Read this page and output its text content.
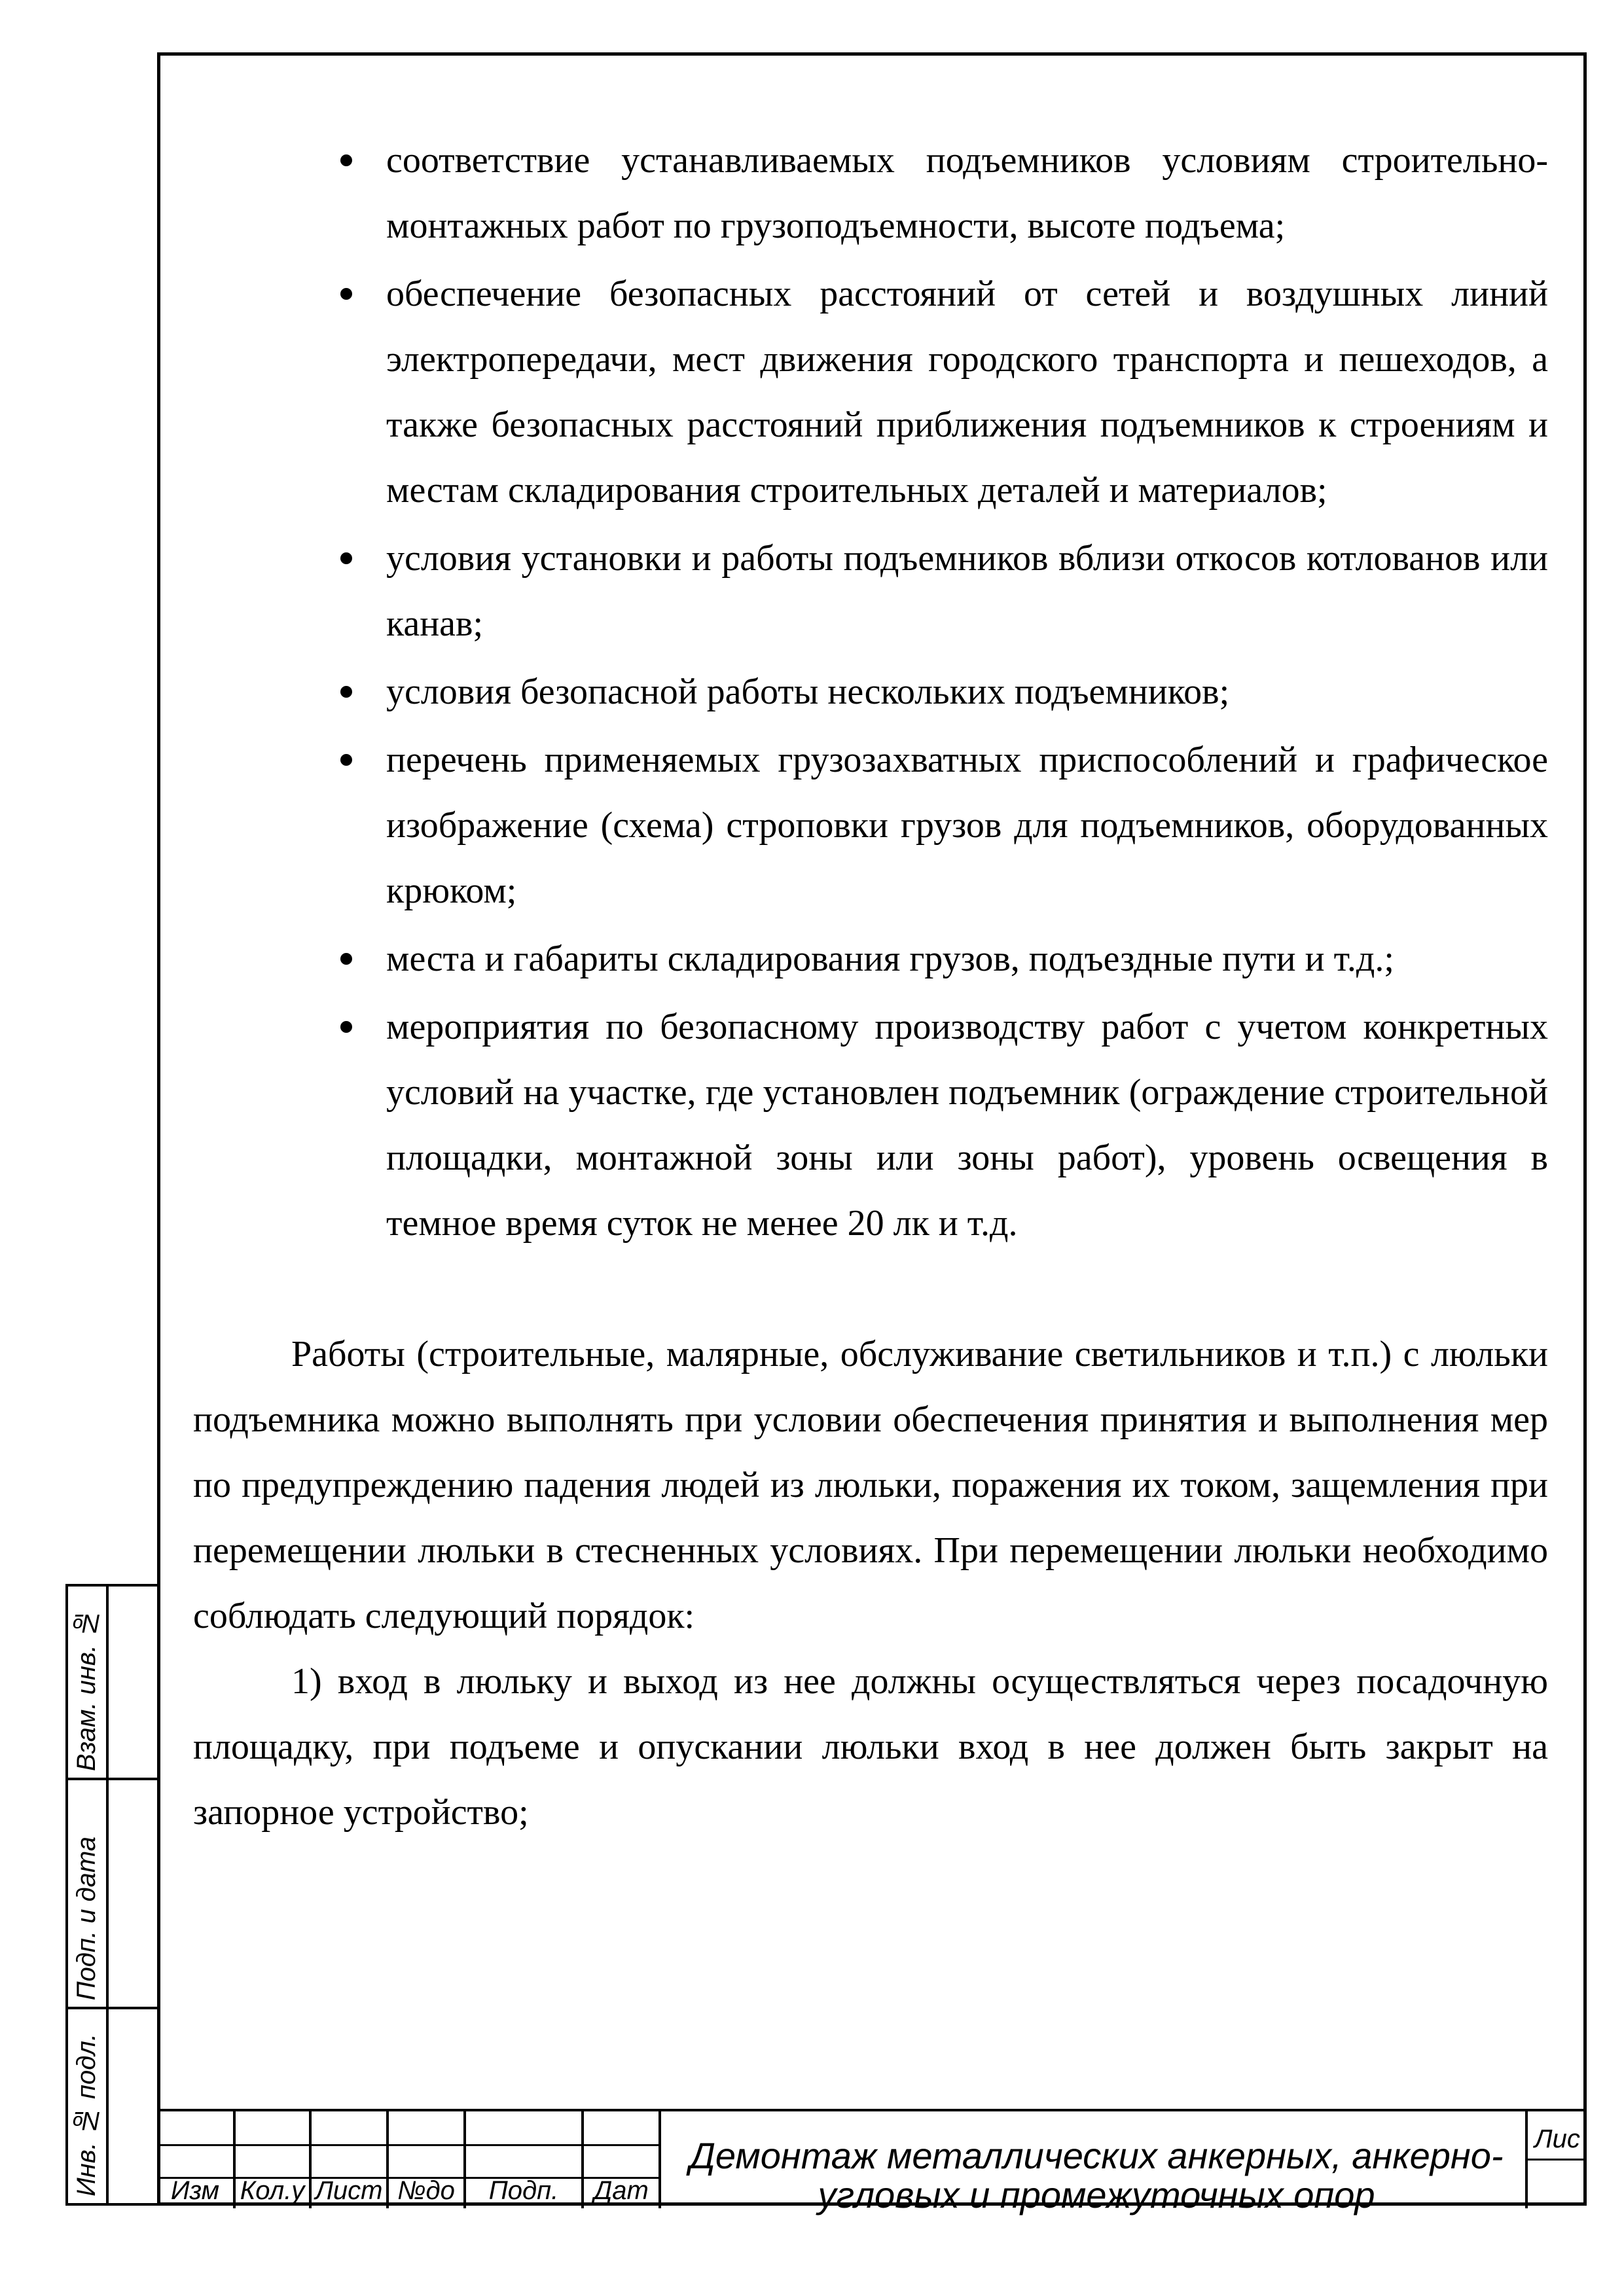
соответствие устанавливаемых подъемников условиям строительно-монтажных работ по грузоподъемности, высоте подъема;
обеспечение безопасных расстояний от сетей и воздушных линий электропередачи, мест движения городского транспорта и пешеходов, а также безопасных расстояний приближения подъемников к строениям и местам складирования строительных деталей и материалов;
условия установки и работы подъемников вблизи откосов котлованов или канав;
условия безопасной работы нескольких подъемников;
перечень применяемых грузозахватных приспособлений и графическое изображение (схема) строповки грузов для подъемников, оборудованных крюком;
места и габариты складирования грузов, подъездные пути и т.д.;
мероприятия по безопасному производству работ с учетом конкретных условий на участке, где установлен подъемник (ограждение строительной площадки, монтажной зоны или зоны работ), уровень освещения в темное время суток не менее 20 лк и т.д.

Работы (строительные, малярные, обслуживание светильников и т.п.) с люльки подъемника можно выполнять при условии обеспечения принятия и выполнения мер по предупреждению падения людей из люльки, поражения их током, защемления при перемещении люльки в стесненных условиях. При перемещении люльки необходимо соблюдать следующий порядок:

1) вход в люльку и выход из нее должны осуществляться через посадочную площадку, при подъеме и опускании люльки вход в нее должен быть закрыт на запорное устройство;

Взам. инв. №
Подп. и дата
Инв. № подл.	Изм Кол.у Лист №до	Подп.	Дат
Демонтаж металлических анкерных, анкерно-угловых и промежуточных опор
Лис
